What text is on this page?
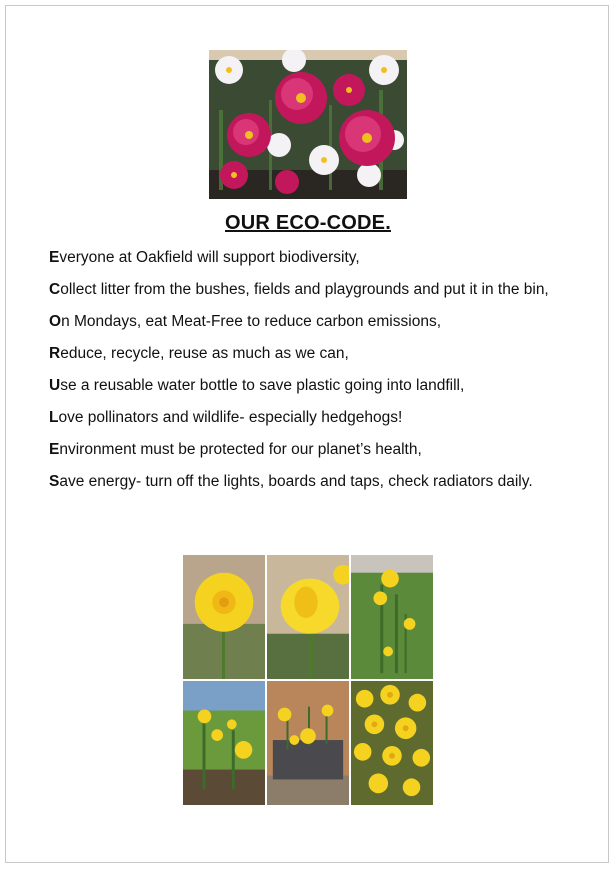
OUR ECO-CODE.
Everyone at Oakfield will support biodiversity,
Collect litter from the bushes, fields and playgrounds and put it in the bin,
On Mondays, eat Meat-Free to reduce carbon emissions,
Reduce, recycle, reuse as much as we can,
Use a reusable water bottle to save plastic going into landfill,
Love pollinators and wildlife- especially hedgehogs!
Environment must be protected for our planet’s health,
Save energy- turn off the lights, boards and taps, check radiators daily.
